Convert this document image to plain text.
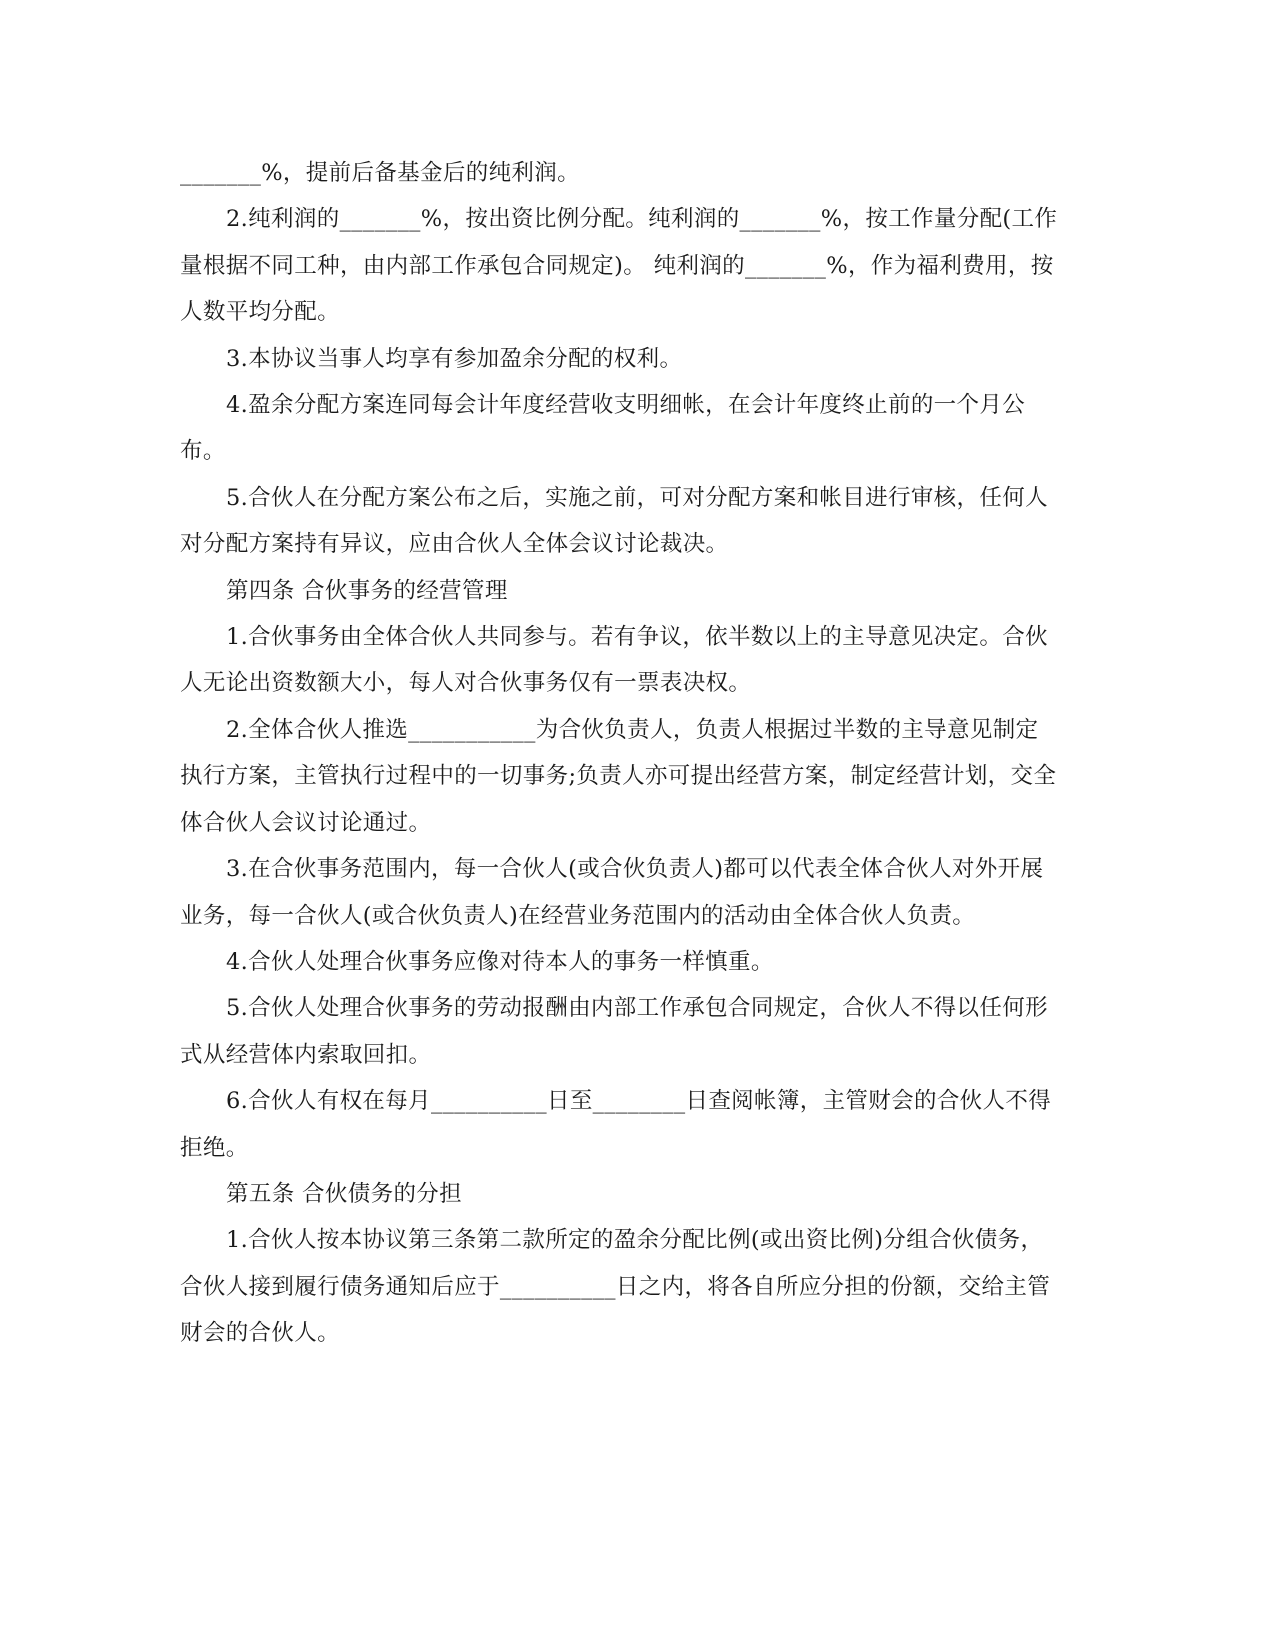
_______%，提前后备基金后的纯利润。

2.纯利润的_______%，按出资比例分配。纯利润的_______%，按工作量分配(工作量根据不同工种，由内部工作承包合同规定)。 纯利润的_______%，作为福利费用，按人数平均分配。

3.本协议当事人均享有参加盈余分配的权利。

4.盈余分配方案连同每会计年度经营收支明细帐，在会计年度终止前的一个月公布。

5.合伙人在分配方案公布之后，实施之前，可对分配方案和帐目进行审核，任何人对分配方案持有异议，应由合伙人全体会议讨论裁决。

第四条 合伙事务的经营管理

1.合伙事务由全体合伙人共同参与。若有争议，依半数以上的主导意见决定。合伙人无论出资数额大小，每人对合伙事务仅有一票表决权。

2.全体合伙人推选___________为合伙负责人，负责人根据过半数的主导意见制定执行方案，主管执行过程中的一切事务;负责人亦可提出经营方案，制定经营计划，交全体合伙人会议讨论通过。

3.在合伙事务范围内，每一合伙人(或合伙负责人)都可以代表全体合伙人对外开展业务，每一合伙人(或合伙负责人)在经营业务范围内的活动由全体合伙人负责。

4.合伙人处理合伙事务应像对待本人的事务一样慎重。

5.合伙人处理合伙事务的劳动报酬由内部工作承包合同规定，合伙人不得以任何形式从经营体内索取回扣。

6.合伙人有权在每月__________日至________日查阅帐簿，主管财会的合伙人不得拒绝。

第五条 合伙债务的分担

1.合伙人按本协议第三条第二款所定的盈余分配比例(或出资比例)分组合伙债务，合伙人接到履行债务通知后应于__________日之内，将各自所应分担的份额，交给主管财会的合伙人。
